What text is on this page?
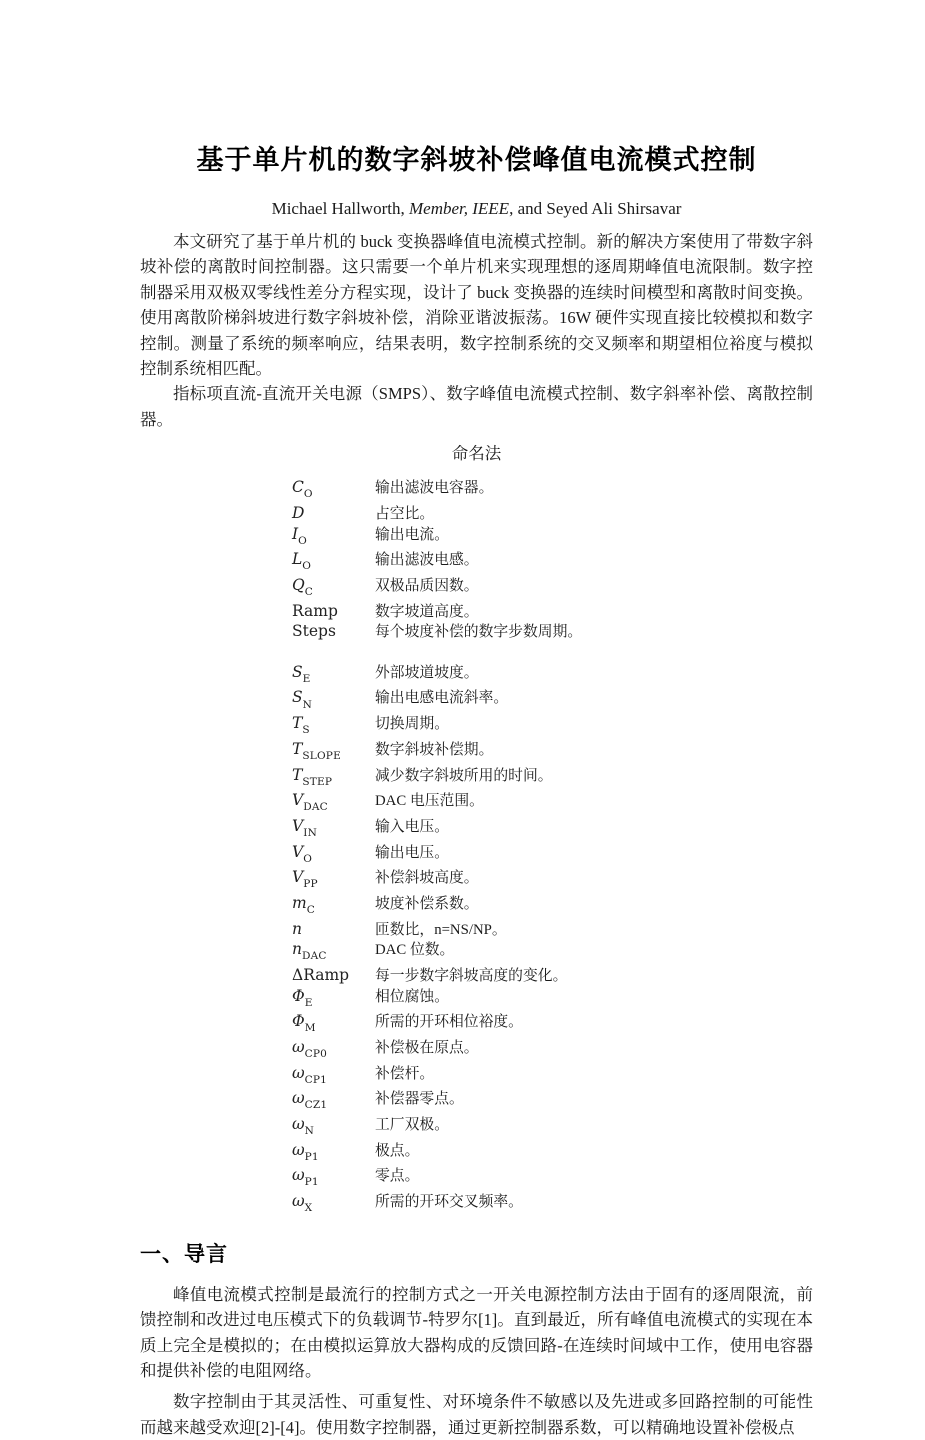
基于单片机的数字斜坡补偿峰值电流模式控制

Michael Hallworth, Member, IEEE, and Seyed Ali Shirsavar

本文研究了基于单片机的 buck 变换器峰值电流模式控制。新的解决方案使用了带数字斜坡补偿的离散时间控制器。这只需要一个单片机来实现理想的逐周期峰值电流限制。数字控制器采用双极双零线性差分方程实现，设计了 buck 变换器的连续时间模型和离散时间变换。使用离散阶梯斜坡进行数字斜坡补偿，消除亚谐波振荡。16W 硬件实现直接比较模拟和数字控制。测量了系统的频率响应，结果表明，数字控制系统的交叉频率和期望相位裕度与模拟控制系统相匹配。

指标项直流-直流开关电源（SMPS）、数字峰值电流模式控制、数字斜率补偿、离散控制器。

命名法
$C_O$	输出滤波电容器。
D	占空比。
$I_O$	输出电流。
$L_O$	输出滤波电感。
$Q_C$	双极品质因数。
Ramp	数字坡道高度。
Steps	每个坡度补偿的数字步数周期。
$S_E$	外部坡道坡度。
$S_N$	输出电感电流斜率。
$T_S$	切换周期。
$T_{SLOPE}$	数字斜坡补偿期。
$T_{STEP}$	减少数字斜坡所用的时间。
$V_{DAC}$	DAC 电压范围。
$V_{IN}$	输入电压。
$V_O$	输出电压。
$V_{PP}$	补偿斜坡高度。
$m_C$	坡度补偿系数。
n	匝数比，n=NS/NP。
$n_{DAC}$	DAC 位数。
ΔRamp	每一步数字斜坡高度的变化。
$\Phi_E$	相位腐蚀。
$\Phi_M$	所需的开环相位裕度。
$\omega_{CP0}$	补偿极在原点。
$\omega_{CP1}$	补偿杆。
$\omega_{CZ1}$	补偿器零点。
$\omega_N$	工厂双极。
$\omega_{P1}$	极点。
$\omega_{P1}$	零点。
$\omega_X$	所需的开环交叉频率。
一、导言

峰值电流模式控制是最流行的控制方式之一开关电源控制方法由于固有的逐周限流，前馈控制和改进过电压模式下的负载调节-特罗尔[1]。直到最近，所有峰值电流模式的实现在本质上完全是模拟的；在由模拟运算放大器构成的反馈回路-在连续时间域中工作，使用电容器和提供补偿的电阻网络。

数字控制由于其灵活性、可重复性、对环境条件不敏感以及先进或多回路控制的可能性而越来越受欢迎[2]-[4]。使用数字控制器，通过更新控制器系数，可以精确地设置补偿极点
